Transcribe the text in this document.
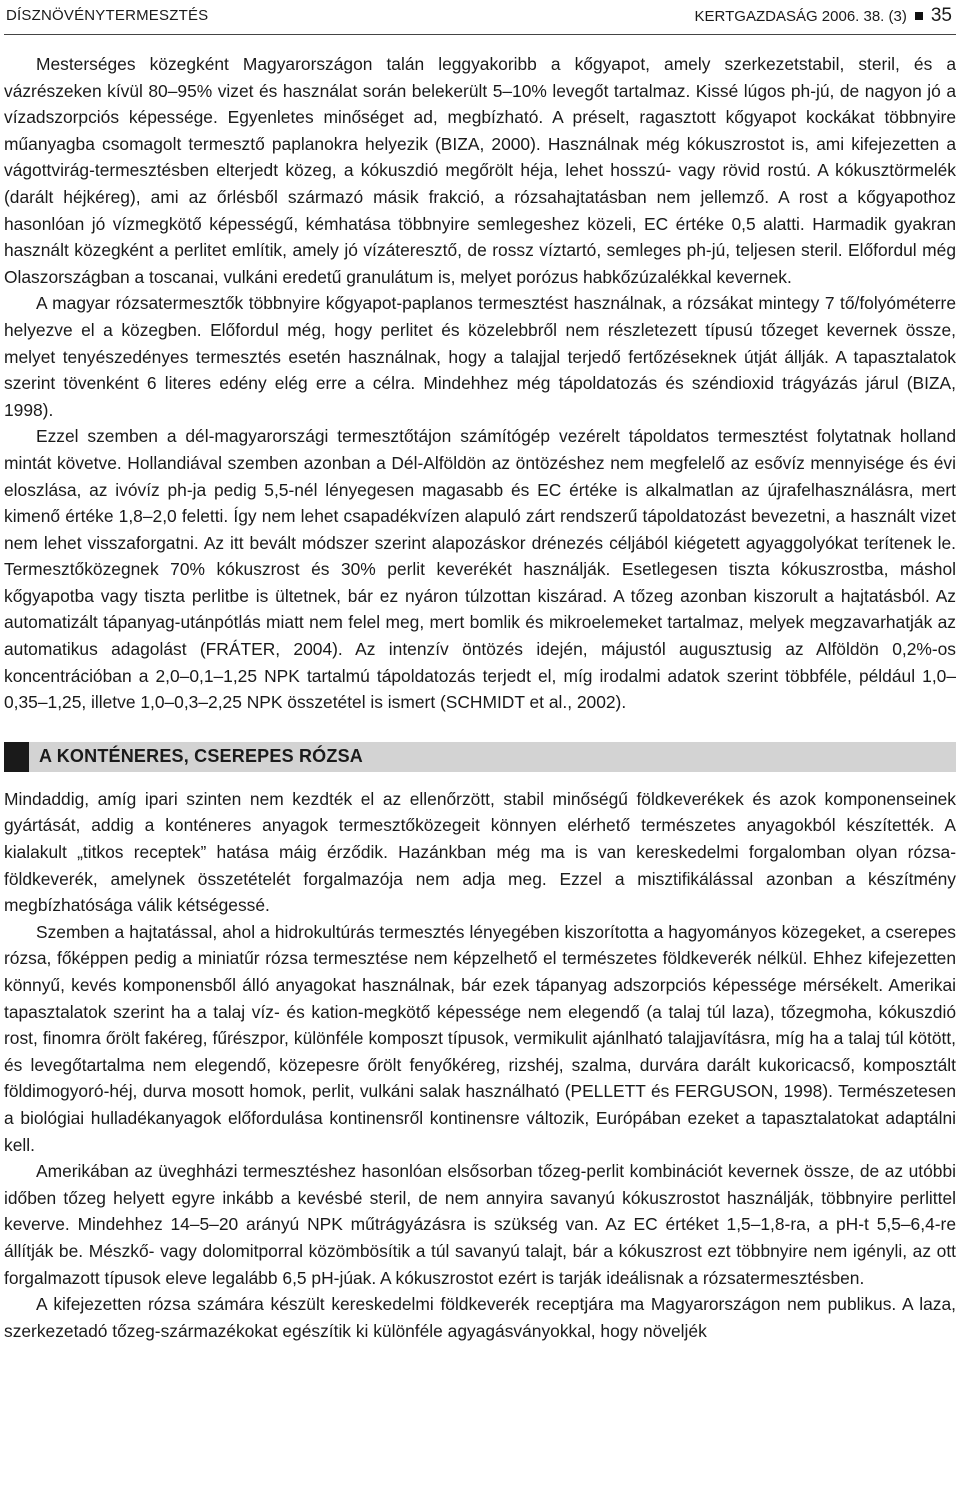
DÍSZNÖVÉNYTERMESZTÉS	KERTGAZDASÁG 2006. 38. (3) 35

Mesterséges közegként Magyarországon talán leggyakoribb a kőgyapot, amely szerkezetstabil, steril, és a vázrészeken kívül 80–95% vizet és használat során belekerült 5–10% levegőt tartalmaz. Kissé lúgos ph-jú, de nagyon jó a vízadszorpciós képessége. Egyenletes minőséget ad, megbízható. A préselt, ragasztott kőgyapot kockákat többnyire műanyagba csomagolt termesztő paplanokra helyezik (BIZA, 2000). Használnak még kókuszrostot is, ami kifejezetten a vágottvirág-termesztésben elterjedt közeg, a kókuszdió megőrölt héja, lehet hosszú- vagy rövid rostú. A kókusztörmelék (darált héjkéreg), ami az őrlésből származó másik frakció, a rózsahajtatásban nem jellemző. A rost a kőgyapothoz hasonlóan jó vízmegkötő képességű, kémhatása többnyire semlegeshez közeli, EC értéke 0,5 alatti. Harmadik gyakran használt közegként a perlitet említik, amely jó vízáteresztő, de rossz víztartó, semleges ph-jú, teljesen steril. Előfordul még Olaszországban a toscanai, vulkáni eredetű granulátum is, melyet porózus habkőzúzalékkal kevernek.

A magyar rózsatermesztők többnyire kőgyapot-paplanos termesztést használnak, a rózsákat mintegy 7 tő/folyóméterre helyezve el a közegben. Előfordul még, hogy perlitet és közelebbről nem részletezett típusú tőzeget kevernek össze, melyet tenyészedényes termesztés esetén használnak, hogy a talajjal terjedő fertőzéseknek útját állják. A tapasztalatok szerint tövenként 6 literes edény elég erre a célra. Mindehhez még tápoldatozás és széndioxid trágyázás járul (BIZA, 1998).

Ezzel szemben a dél-magyarországi termesztőtájon számítógép vezérelt tápoldatos termesztést folytatnak holland mintát követve. Hollandiával szemben azonban a Dél-Alföldön az öntözéshez nem megfelelő az esővíz mennyisége és évi eloszlása, az ivóvíz ph-ja pedig 5,5-nél lényegesen magasabb és EC értéke is alkalmatlan az újrafelhasználásra, mert kimenő értéke 1,8–2,0 feletti. Így nem lehet csapadékvízen alapuló zárt rendszerű tápoldatozást bevezetni, a használt vizet nem lehet visszaforgatni. Az itt bevált módszer szerint alapozáskor drénezés céljából kiégetett agyaggolyókat terítenek le. Termesztőközegnek 70% kókuszrost és 30% perlit keverékét használják. Esetlegesen tiszta kókuszrostba, máshol kőgyapotba vagy tiszta perlitbe is ültetnek, bár ez nyáron túlzottan kiszárad. A tőzeg azonban kiszorult a hajtatásból. Az automatizált tápanyag-utánpótlás miatt nem felel meg, mert bomlik és mikroelemeket tartalmaz, melyek megzavarhatják az automatikus adagolást (FRÁTER, 2004). Az intenzív öntözés idején, májustól augusztusig az Alföldön 0,2%-os koncentrációban a 2,0–0,1–1,25 NPK tartalmú tápoldatozás terjedt el, míg irodalmi adatok szerint többféle, például 1,0–0,35–1,25, illetve 1,0–0,3–2,25 NPK összetétel is ismert (SCHMIDT et al., 2002).

A KONTÉNERES, CSEREPES RÓZSA

Mindaddig, amíg ipari szinten nem kezdték el az ellenőrzött, stabil minőségű földkeverékek és azok komponenseinek gyártását, addig a konténeres anyagok termesztőközegeit könnyen elérhető természetes anyagokból készítették. A kialakult „titkos receptek” hatása máig érződik. Hazánkban még ma is van kereskedelmi forgalomban olyan rózsa-földkeverék, amelynek összetételét forgalmazója nem adja meg. Ezzel a misztifikálással azonban a készítmény megbízhatósága válik kétségessé.

Szemben a hajtatással, ahol a hidrokultúrás termesztés lényegében kiszorította a hagyományos közegeket, a cserepes rózsa, főképpen pedig a miniatűr rózsa termesztése nem képzelhető el természetes földkeverék nélkül. Ehhez kifejezetten könnyű, kevés komponensből álló anyagokat használnak, bár ezek tápanyag adszorpciós képessége mérsékelt. Amerikai tapasztalatok szerint ha a talaj víz- és kation-megkötő képessége nem elegendő (a talaj túl laza), tőzegmoha, kókuszdió rost, finomra őrölt fakéreg, fűrészpor, különféle komposzt típusok, vermikulit ajánlható talajjavításra, míg ha a talaj túl kötött, és levegőtartalma nem elegendő, közepesre őrölt fenyőkéreg, rizshéj, szalma, durvára darált kukoricacső, komposztált földimogyoró-héj, durva mosott homok, perlit, vulkáni salak használható (PELLETT és FERGUSON, 1998). Természetesen a biológiai hulladékanyagok előfordulása kontinensről kontinensre változik, Európában ezeket a tapasztalatokat adaptálni kell.

Amerikában az üveghházi termesztéshez hasonlóan elsősorban tőzeg-perlit kombinációt kevernek össze, de az utóbbi időben tőzeg helyett egyre inkább a kevésbé steril, de nem annyira savanyú kókuszrostot használják, többnyire perlittel keverve. Mindehhez 14–5–20 arányú NPK műtrágyázásra is szükség van. Az EC értéket 1,5–1,8-ra, a pH-t 5,5–6,4-re állítják be. Mészkő- vagy dolomitporral közömbösítik a túl savanyú talajt, bár a kókuszrost ezt többnyire nem igényli, az ott forgalmazott típusok eleve legalább 6,5 pH-júak. A kókuszrostot ezért is tarják ideálisnak a rózsatermesztésben.

A kifejezetten rózsa számára készült kereskedelmi földkeverék receptjára ma Magyarországon nem publikus. A laza, szerkezetadó tőzeg-származékokat egészítik ki különféle agyagásványokkal, hogy növeljék
